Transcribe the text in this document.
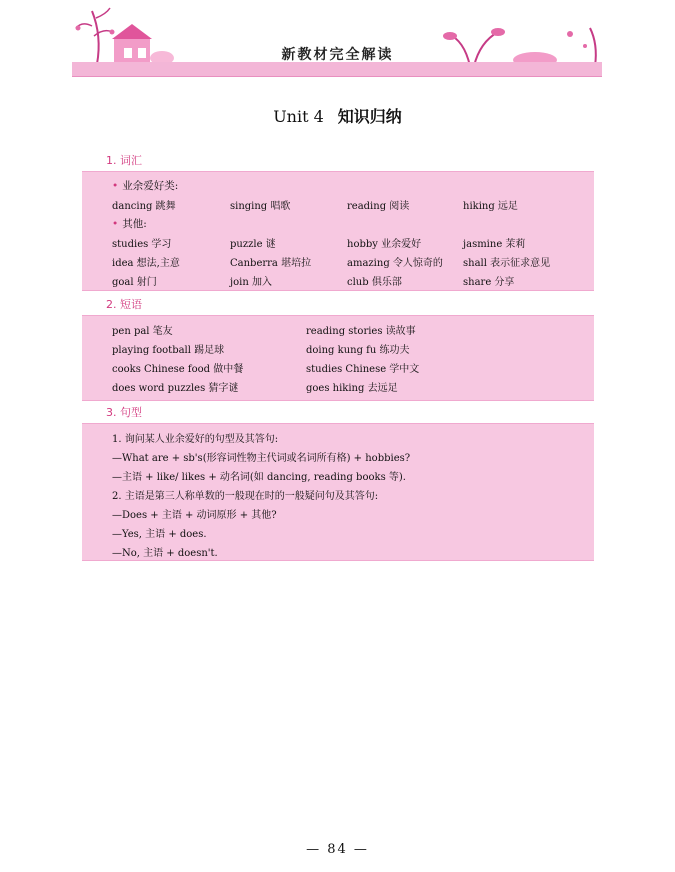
新教材完全解读
Unit 4 知识归纳
1. 词汇
• 业余爱好类:
dancing 跳舞	singing 唱歌	reading 阅读	hiking 远足
• 其他:
studies 学习	puzzle 谜	hobby 业余爱好	jasmine 茉莉
idea 想法,主意	Canberra 堪培拉	amazing 令人惊奇的 shall 表示征求意见
goal 射门	join 加入	club 俱乐部	share 分享
2. 短语
pen pal 笔友	reading stories 读故事
playing football 踢足球	doing kung fu 练功夫
cooks Chinese food 做中餐	studies Chinese 学中文
does word puzzles 猜字谜	goes hiking 去远足
3. 句型
1. 询问某人业余爱好的句型及其答句:
—What are + sb's(形容词性物主代词或名词所有格) + hobbies?
—主语 + like/ likes + 动名词(如 dancing, reading books 等).
2. 主语是第三人称单数的一般现在时的一般疑问句及其答句:
—Does + 主语 + 动词原形 + 其他?
—Yes, 主语 + does.
—No, 主语 + doesn't.
— 84 —
